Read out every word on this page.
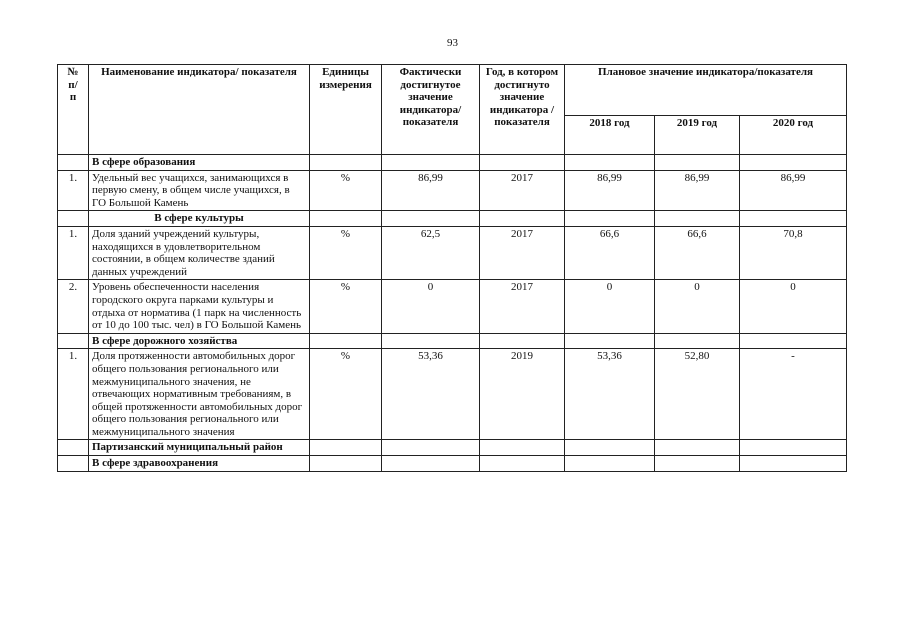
93
№
п/
п	Наименование индикатора/ показателя	Единицы измерения	Фактически достигнутое значение индикатора/ показателя	Год, в котором достигнуто значение индикатора /показателя	Плановое значение индикатора/показателя		
					2018 год	2019 год	2020 год
	В сфере образования						
1.	Удельный вес учащихся, занимающихся в первую смену, в общем числе учащихся, в ГО Большой Камень	%	86,99	2017	86,99	86,99	86,99
	В сфере культуры						
1.	Доля зданий учреждений культуры, находящихся в удовлетворительном состоянии, в общем количестве зданий данных учреждений	%	62,5	2017	66,6	66,6	70,8
2.	Уровень обеспеченности населения городского округа парками культуры и отдыха от норматива (1 парк на численность от 10 до 100 тыс. чел) в ГО Большой Камень	%	0	2017	0	0	0
	В сфере дорожного хозяйства						
1.	Доля протяженности автомобильных дорог общего пользования регионального или межмуниципального значения, не отвечающих нормативным требованиям, в общей протяженности автомобильных дорог общего пользования регионального или межмуниципального значения	%	53,36	2019	53,36	52,80	-
	Партизанский муниципальный район						
	В сфере здравоохранения						
